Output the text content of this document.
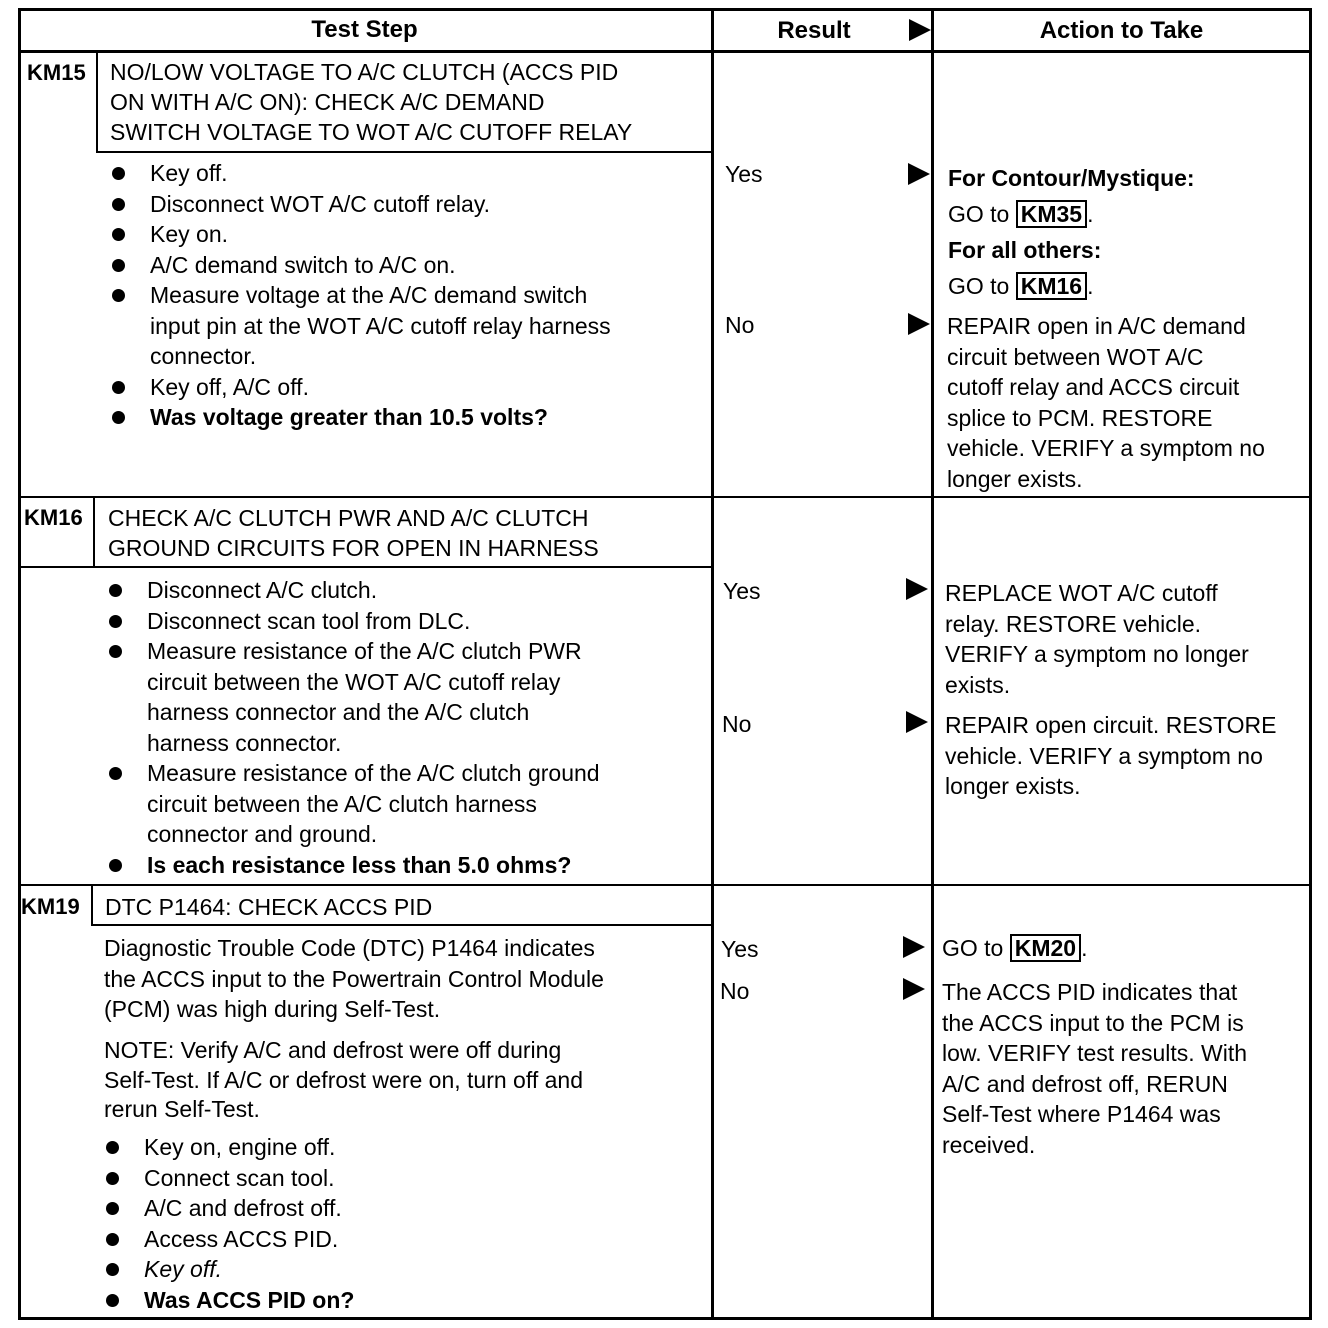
Test Step	Result	Action to Take
KM15 NO/LOW VOLTAGE TO A/C CLUTCH (ACCS PID
ON WITH A/C ON): CHECK A/C DEMAND
SWITCH VOLTAGE TO WOT A/C CUTOFF RELAY
Key off.
Disconnect WOT A/C cutoff relay.
Key on.
A/C demand switch to A/C on.
Measure voltage at the A/C demand switch
input pin at the WOT A/C cutoff relay harness
connector.
Key off, A/C off.
Was voltage greater than 10.5 volts?
Yes
No
For Contour/Mystique:
GO to KM35 .
For all others:
GO to KM16 .
REPAIR open in A/C demand
circuit between WOT A/C
cutoff relay and ACCS circuit
splice to PCM. RESTORE
vehicle. VERIFY a symptom no
longer exists.
KM16 CHECK A/C CLUTCH PWR AND A/C CLUTCH
GROUND CIRCUITS FOR OPEN IN HARNESS
Disconnect A/C clutch.
Disconnect scan tool from DLC.
Measure resistance of the A/C clutch PWR
circuit between the WOT A/C cutoff relay
harness connector and the A/C clutch
harness connector.
Measure resistance of the A/C clutch ground
circuit between the A/C clutch harness
connector and ground.
Is each resistance less than 5.0 ohms?
Yes
No
REPLACE WOT A/C cutoff
relay. RESTORE vehicle.
VERIFY a symptom no longer
exists.
REPAIR open circuit. RESTORE
vehicle. VERIFY a symptom no
longer exists.
KM19 DTC P1464: CHECK ACCS PID
Diagnostic Trouble Code (DTC) P1464 indicates
the ACCS input to the Powertrain Control Module
(PCM) was high during Self-Test.
NOTE: Verify A/C and defrost were off during
Self-Test. If A/C or defrost were on, turn off and
rerun Self-Test.
Key on, engine off.
Connect scan tool.
A/C and defrost off.
Access ACCS PID.
Key off.
Was ACCS PID on?
Yes
No
GO to KM20 .
The ACCS PID indicates that
the ACCS input to the PCM is
low. VERIFY test results. With
A/C and defrost off, RERUN
Self-Test where P1464 was
received.
